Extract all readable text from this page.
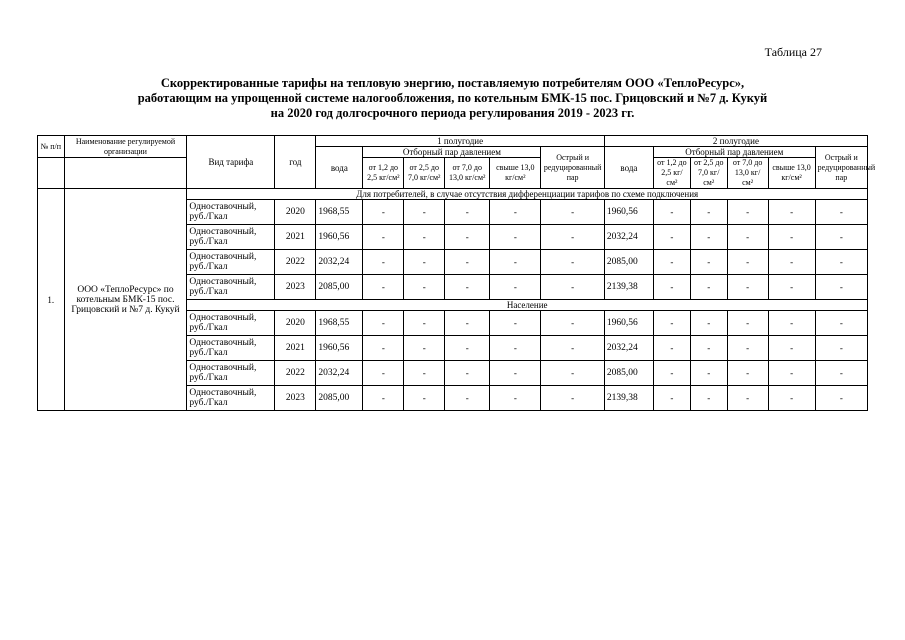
Таблица 27
Скорректированные тарифы на тепловую энергию, поставляемую потребителям ООО «ТеплоРесурс»,
работающим на упрощенной системе налогообложения, по котельным БМК-15 пос. Грицовский и №7 д. Кукуй
на 2020 год долгосрочного периода регулирования 2019 - 2023 гг.
№ п/п	Наименование регулируемой организации	Вид тарифа	год	1 полугодие						2 полугодие					
				вода	Отборный пар давлением				Острый и редуцированный пар	вода	Отборный пар давлением				Острый и редуцированный пар
					от 1,2 до 2,5 кг/см²	от 2,5 до 7,0 кг/см²	от 7,0 до 13,0 кг/см²	свыше 13,0 кг/см²			от 1,2 до 2,5 кг/см²	от 2,5 до 7,0 кг/см²	от 7,0 до 13,0 кг/см²	свыше 13,0 кг/см²	

1.	ООО «ТеплоРесурс» по котельным БМК-15 пос. Грицовский и №7 д. Кукуй	Для потребителей, в случае отсутствия дифференциации тарифов по схеме подключения													
		Одноставочный, руб./Гкал	2020	1968,55	-	-	-	-	-	1960,56	-	-	-	-	-
		Одноставочный, руб./Гкал	2021	1960,56	-	-	-	-	-	2032,24	-	-	-	-	-
		Одноставочный, руб./Гкал	2022	2032,24	-	-	-	-	-	2085,00	-	-	-	-	-
		Одноставочный, руб./Гкал	2023	2085,00	-	-	-	-	-	2139,38	-	-	-	-	-
		Население													
		Одноставочный, руб./Гкал	2020	1968,55	-	-	-	-	-	1960,56	-	-	-	-	-
		Одноставочный, руб./Гкал	2021	1960,56	-	-	-	-	-	2032,24	-	-	-	-	-
		Одноставочный, руб./Гкал	2022	2032,24	-	-	-	-	-	2085,00	-	-	-	-	-
		Одноставочный, руб./Гкал	2023	2085,00	-	-	-	-	-	2139,38	-	-	-	-	-
